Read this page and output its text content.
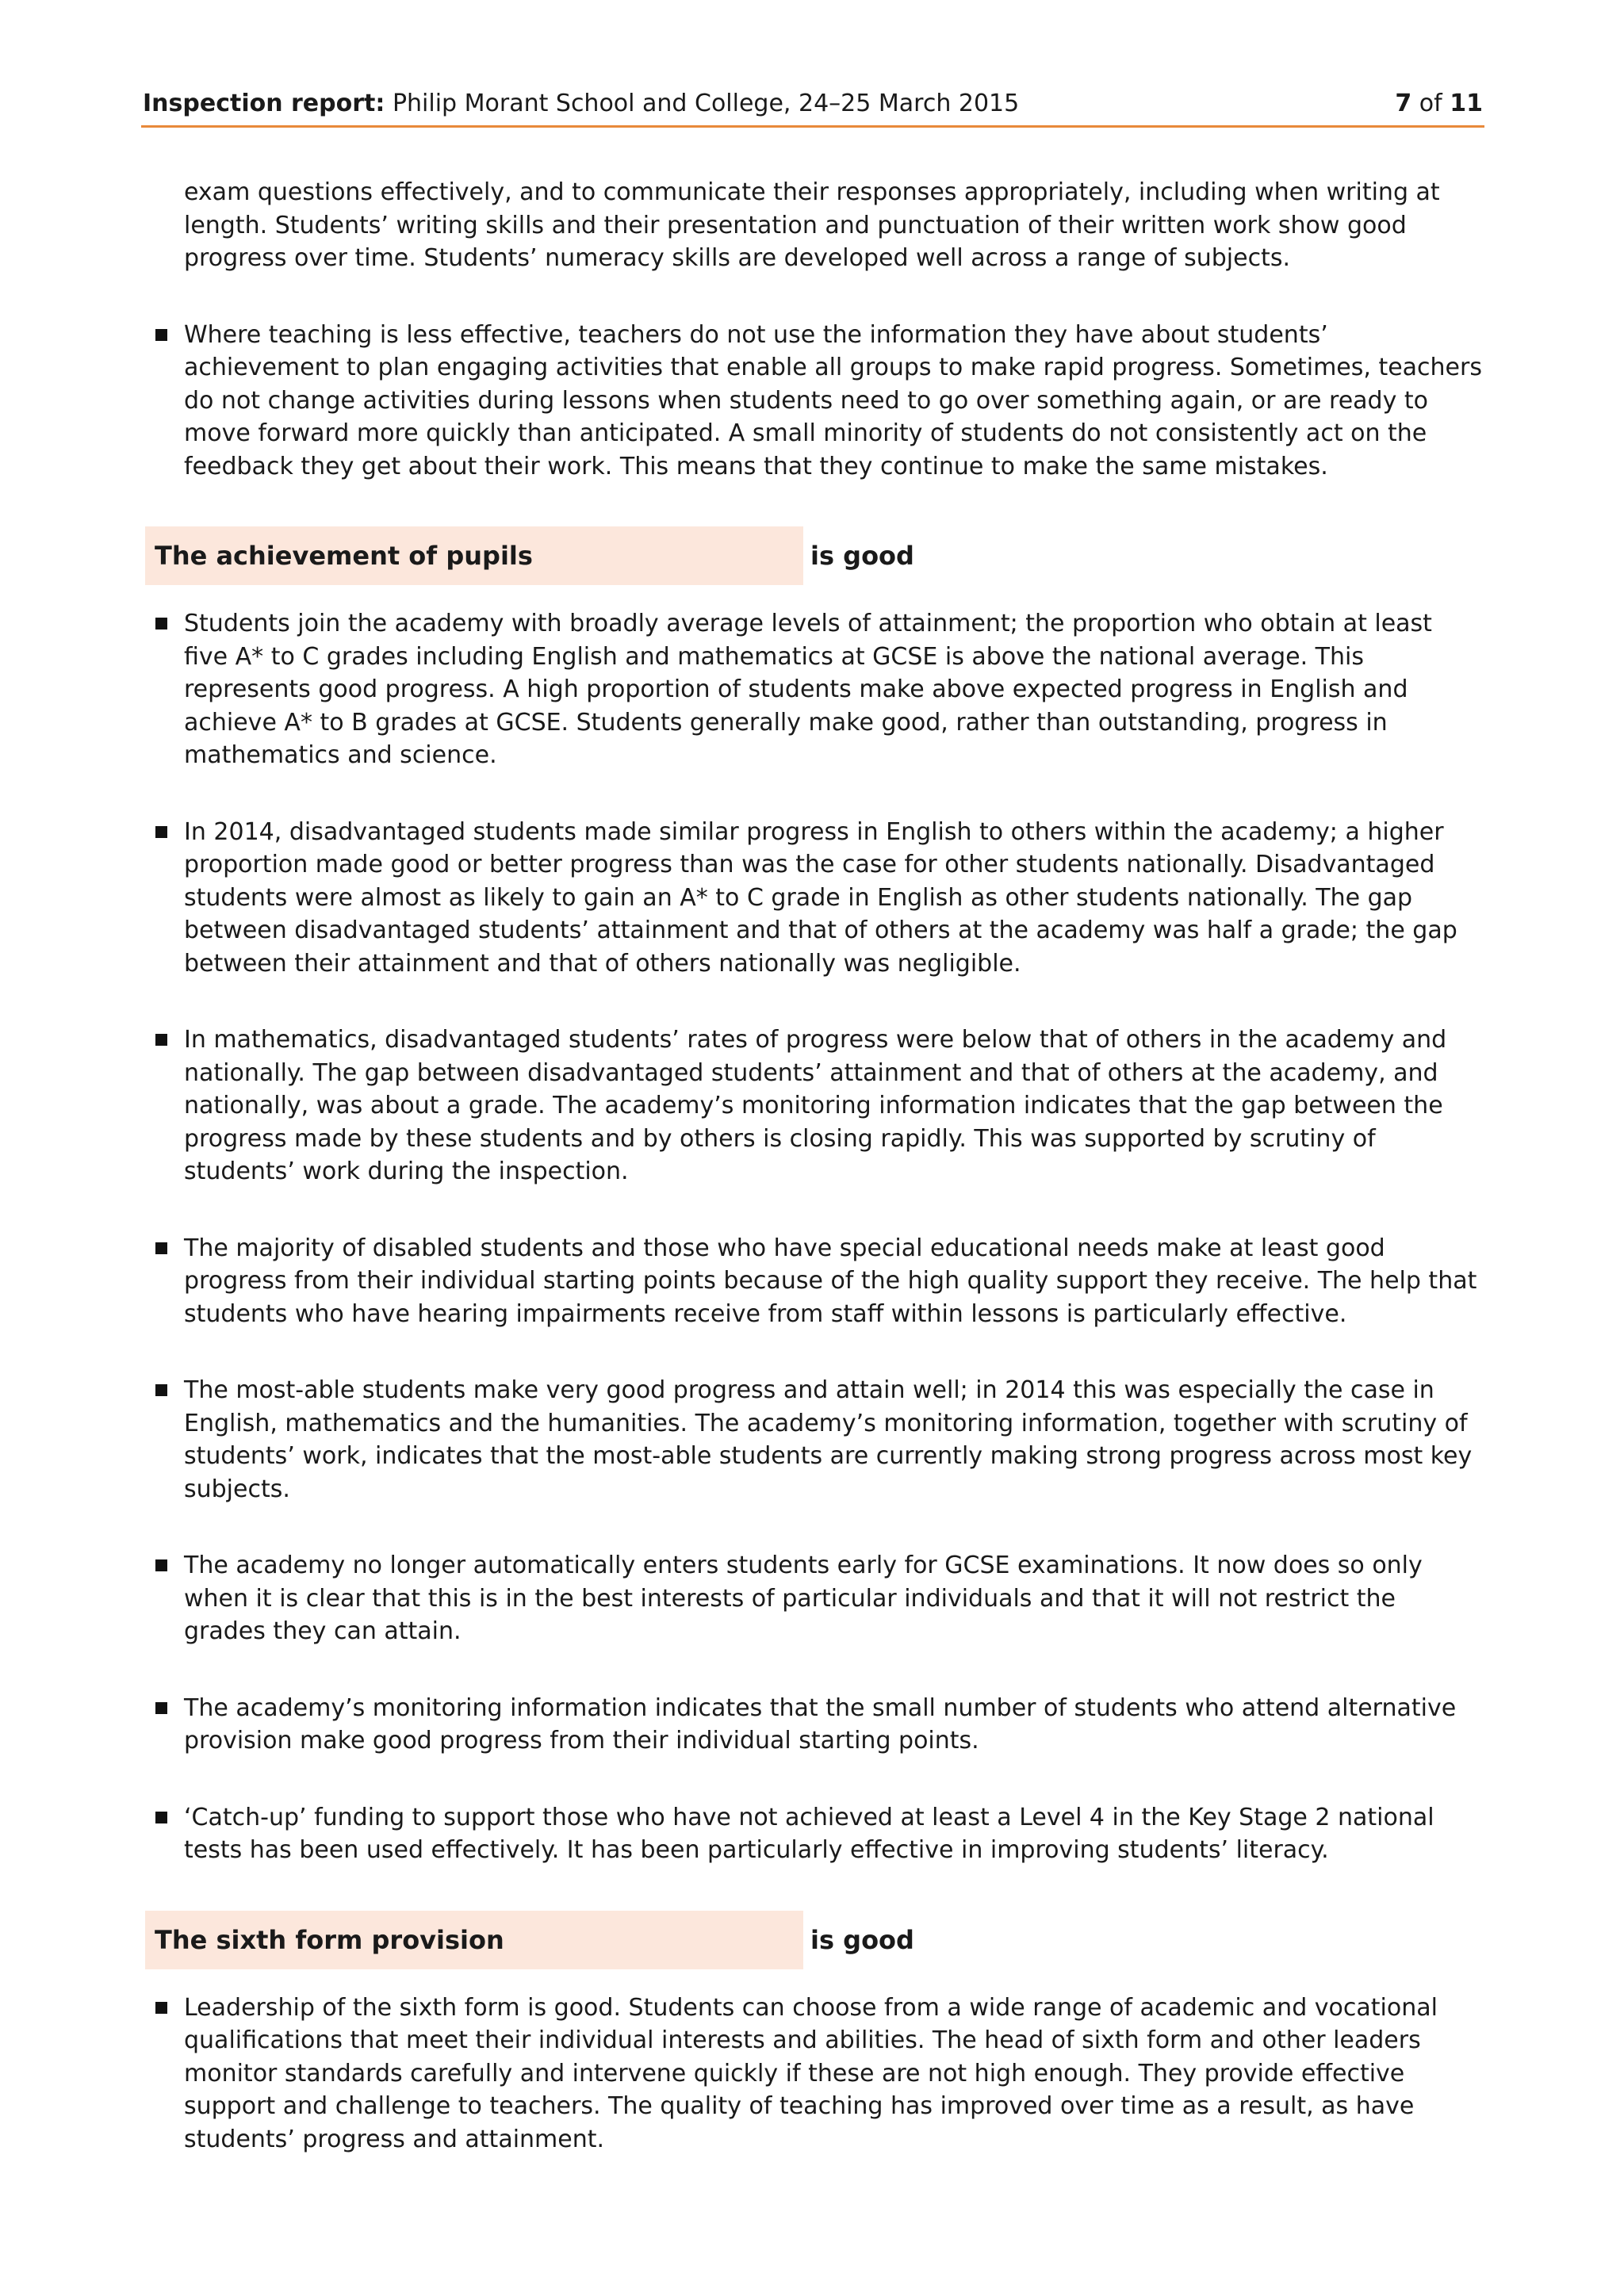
Inspection report: Philip Morant School and College, 24–25 March 2015	7 of 11

exam questions effectively, and to communicate their responses appropriately, including when writing at length. Students’ writing skills and their presentation and punctuation of their written work show good progress over time. Students’ numeracy skills are developed well across a range of subjects.

Where teaching is less effective, teachers do not use the information they have about students’ achievement to plan engaging activities that enable all groups to make rapid progress. Sometimes, teachers do not change activities during lessons when students need to go over something again, or are ready to move forward more quickly than anticipated. A small minority of students do not consistently act on the feedback they get about their work. This means that they continue to make the same mistakes.
The achievement of pupils	is good
Students join the academy with broadly average levels of attainment; the proportion who obtain at least five A* to C grades including English and mathematics at GCSE is above the national average. This represents good progress. A high proportion of students make above expected progress in English and achieve A* to B grades at GCSE. Students generally make good, rather than outstanding, progress in mathematics and science.
In 2014, disadvantaged students made similar progress in English to others within the academy; a higher proportion made good or better progress than was the case for other students nationally. Disadvantaged students were almost as likely to gain an A* to C grade in English as other students nationally. The gap between disadvantaged students’ attainment and that of others at the academy was half a grade; the gap between their attainment and that of others nationally was negligible.
In mathematics, disadvantaged students’ rates of progress were below that of others in the academy and nationally. The gap between disadvantaged students’ attainment and that of others at the academy, and nationally, was about a grade. The academy’s monitoring information indicates that the gap between the progress made by these students and by others is closing rapidly. This was supported by scrutiny of students’ work during the inspection.
The majority of disabled students and those who have special educational needs make at least good progress from their individual starting points because of the high quality support they receive. The help that students who have hearing impairments receive from staff within lessons is particularly effective.
The most-able students make very good progress and attain well; in 2014 this was especially the case in English, mathematics and the humanities. The academy’s monitoring information, together with scrutiny of students’ work, indicates that the most-able students are currently making strong progress across most key subjects.
The academy no longer automatically enters students early for GCSE examinations. It now does so only when it is clear that this is in the best interests of particular individuals and that it will not restrict the grades they can attain.
The academy’s monitoring information indicates that the small number of students who attend alternative provision make good progress from their individual starting points.
‘Catch-up’ funding to support those who have not achieved at least a Level 4 in the Key Stage 2 national tests has been used effectively. It has been particularly effective in improving students’ literacy.
The sixth form provision	is good
Leadership of the sixth form is good. Students can choose from a wide range of academic and vocational qualifications that meet their individual interests and abilities. The head of sixth form and other leaders monitor standards carefully and intervene quickly if these are not high enough. They provide effective support and challenge to teachers. The quality of teaching has improved over time as a result, as have students’ progress and attainment.
